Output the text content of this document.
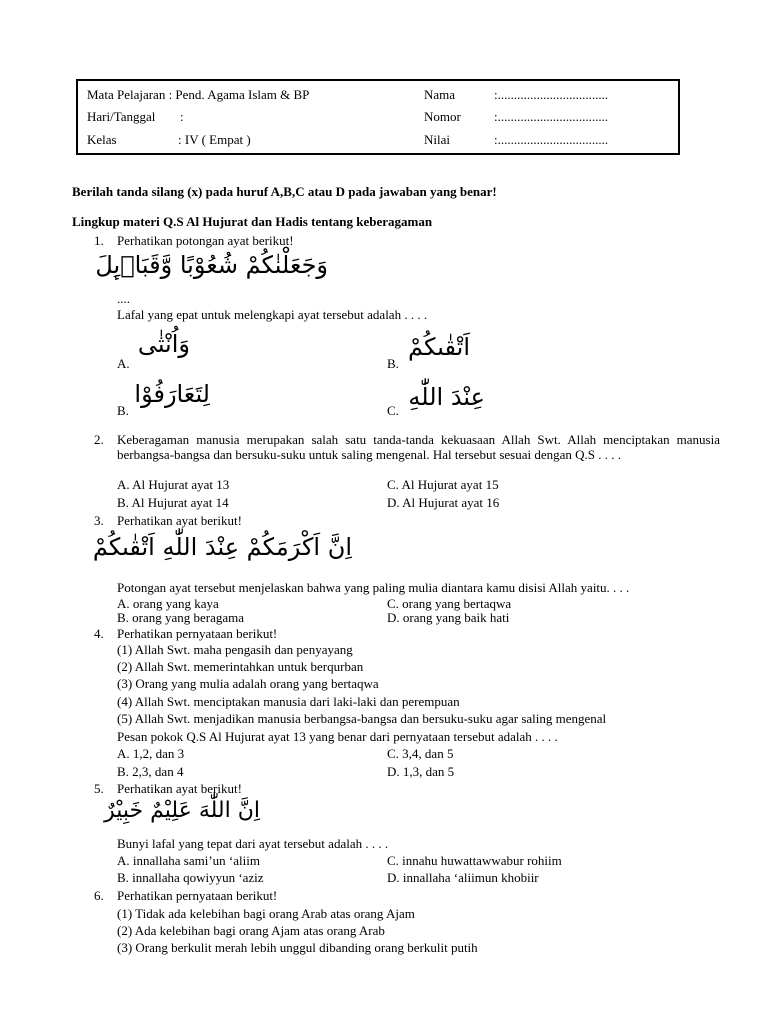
Mata Pelajaran : Pend. Agama Islam & BP
Hari/Tanggal :
Kelas	: IV ( Empat )
Nama
Nomor
Nilai
:..................................
:..................................
:..................................
Berilah tanda silang (x) pada huruf A,B,C atau D pada jawaban yang benar!
Lingkup materi Q.S Al Hujurat dan Hadis tentang keberagaman
1. Perhatikan potongan ayat berikut!
وَجَعَلْنٰكُمْ شُعُوْبًا وَّقَبَاۤىِٕلَ
....
Lafal yang epat untuk melengkapi ayat tersebut adalah . . . .
A.
وَاُنْثٰى
B.
اَتْقٰىكُمْ
B.
لِتَعَارَفُوْا
C. عِنْدَ اللّٰهِ
2. Keberagaman manusia merupakan salah satu tanda-tanda kekuasaan Allah Swt. Allah menciptakan manusia berbangsa-bangsa dan bersuku-suku untuk saling mengenal. Hal tersebut sesuai dengan Q.S . . . .
A. Al Hujurat ayat 13
B. Al Hujurat ayat 14
C. Al Hujurat ayat 15
D. Al Hujurat ayat 16
3. Perhatikan ayat berikut!
اِنَّ اَكْرَمَكُمْ عِنْدَ اللّٰهِ اَتْقٰىكُمْ
Potongan ayat tersebut menjelaskan bahwa yang paling mulia diantara kamu disisi Allah yaitu. . . .
A. orang yang kaya
B. orang yang beragama
C. orang yang bertaqwa
D. orang yang baik hati
4. Perhatikan pernyataan berikut!
(1) Allah Swt. maha pengasih dan penyayang
(2) Allah Swt. memerintahkan untuk berqurban
(3) Orang yang mulia adalah orang yang bertaqwa
(4) Allah Swt. menciptakan manusia dari laki-laki dan perempuan
(5) Allah Swt. menjadikan manusia berbangsa-bangsa dan bersuku-suku agar saling mengenal
Pesan pokok Q.S Al Hujurat ayat 13 yang benar dari pernyataan tersebut adalah . . . .
A. 1,2, dan 3
B. 2,3, dan 4
C. 3,4, dan 5
D. 1,3, dan 5
5. Perhatikan ayat berikut!
اِنَّ اللّٰهَ عَلِيْمٌ خَبِيْرٌ
Bunyi lafal yang tepat dari ayat tersebut adalah . . . .
A. innallaha sami’un ‘aliim
B. innallaha qowiyyun ‘aziz
C. innahu huwattawwabur rohiim
D. innallaha ‘aliimun khobiir
6. Perhatikan pernyataan berikut!
(1) Tidak ada kelebihan bagi orang Arab atas orang Ajam
(2) Ada kelebihan bagi orang Ajam atas orang Arab
(3) Orang berkulit merah lebih unggul dibanding orang berkulit putih
